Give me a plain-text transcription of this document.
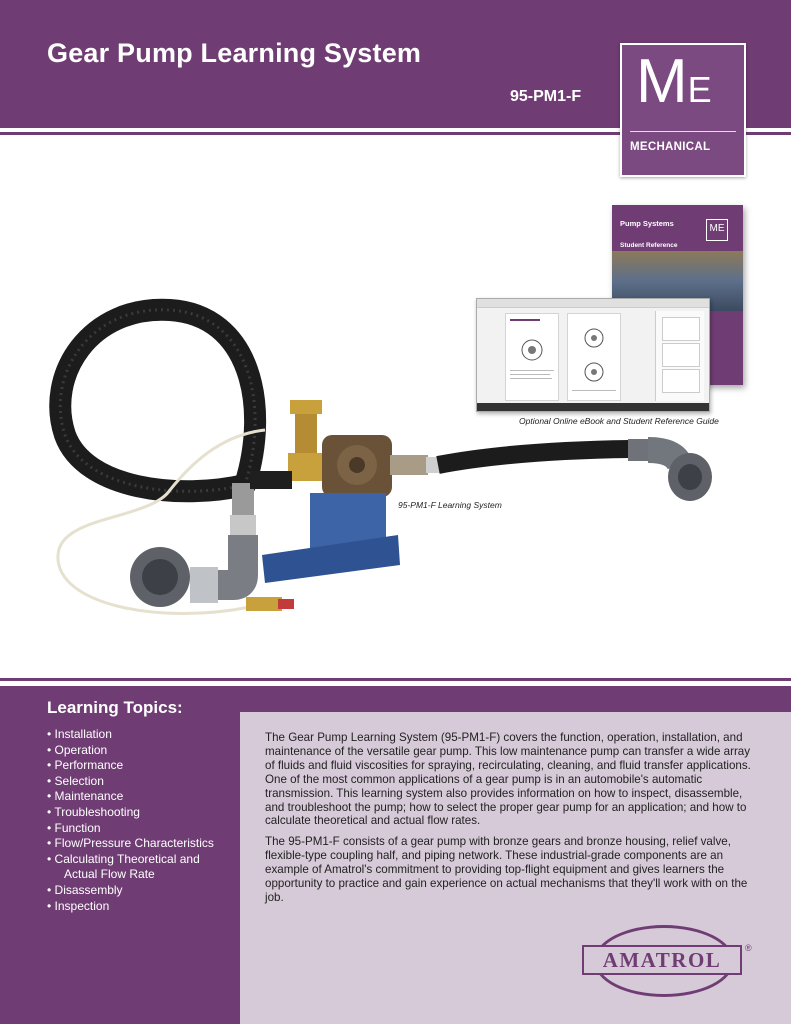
Gear Pump Learning System
95-PM1-F ME
MECHANICAL
Pump Systems	ME
Student Reference
Optional Online eBook and Student Reference Guide
95-PM1-F Learning System
Learning Topics:
• Installation
• Operation
• Performance
• Selection
• Maintenance
• Troubleshooting
• Function
• Flow/Pressure Characteristics
• Calculating Theoretical and
Actual Flow Rate
• Disassembly
• Inspection

The Gear Pump Learning System (95-PM1-F) covers the function, operation, installation, and maintenance of the versatile gear pump. This low maintenance pump can transfer a wide array of fluids and fluid viscosities for spraying, recirculating, cleaning, and fluid transfer applications. One of the most common applications of a gear pump is in an automobile's automatic transmission. This learning system also provides information on how to inspect, disassemble, and troubleshoot the pump; how to select the proper gear pump for an application; and how to calculate theoretical and actual flow rates.

The 95-PM1-F consists of a gear pump with bronze gears and bronze housing, relief valve, flexible-type coupling half, and piping network. These industrial-grade components are an example of Amatrol's commitment to providing top-flight equipment and gives learners the opportunity to practice and gain experience on actual mechanisms that they'll work with on the job.

AMATROL	®
